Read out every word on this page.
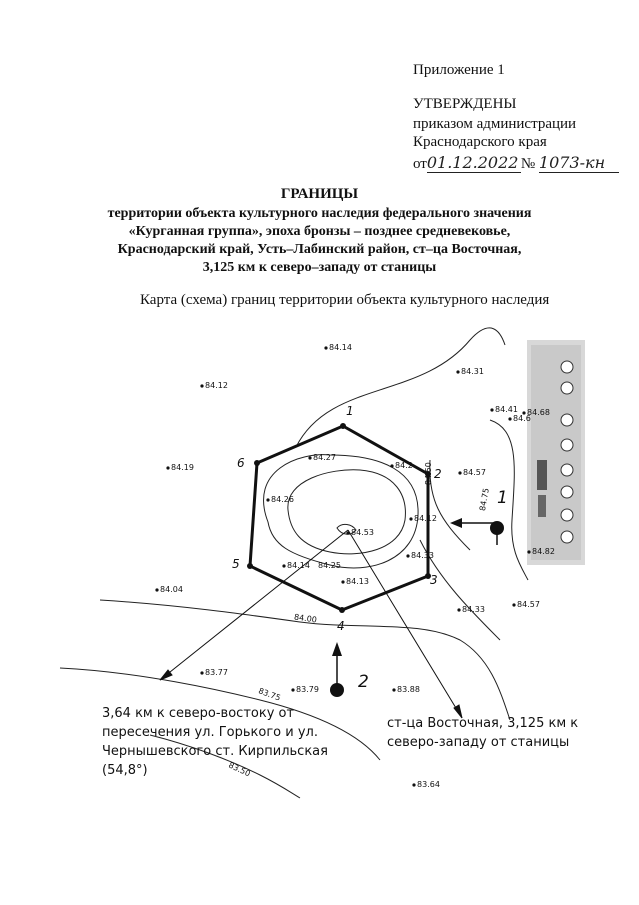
Приложение 1
УТВЕРЖДЕНЫ
приказом администрации
Краснодарского края
от01.12.2022 № 1073-кн
ГРАНИЦЫ
территории объекта культурного наследия федерального значения
«Курганная группа», эпоха бронзы – позднее средневековье,
Краснодарский край, Усть–Лабинский район, ст–ца Восточная,
3,125 км к северо–западу от станицы
Карта (схема) границ территории объекта культурного наследия
84.14
84.12
84.31
84.41 84.68
84.27
84.2
84.57
84.19
84.26
84.53
84.12
84.14 84.25
84.33
84.13
84.04
84.33
84.57
84.82
83.77
83.79	83.88
83.64
84.6
84.50
84.75
84.00
83.75
83.50
1
2
3
4
5
6
1
2
3,64 км к северо-востоку от
пересечения ул. Горького и ул.
Чернышевского ст. Кирпильская
(54,8°)
ст-ца Восточная, 3,125 км к
северо-западу от станицы
